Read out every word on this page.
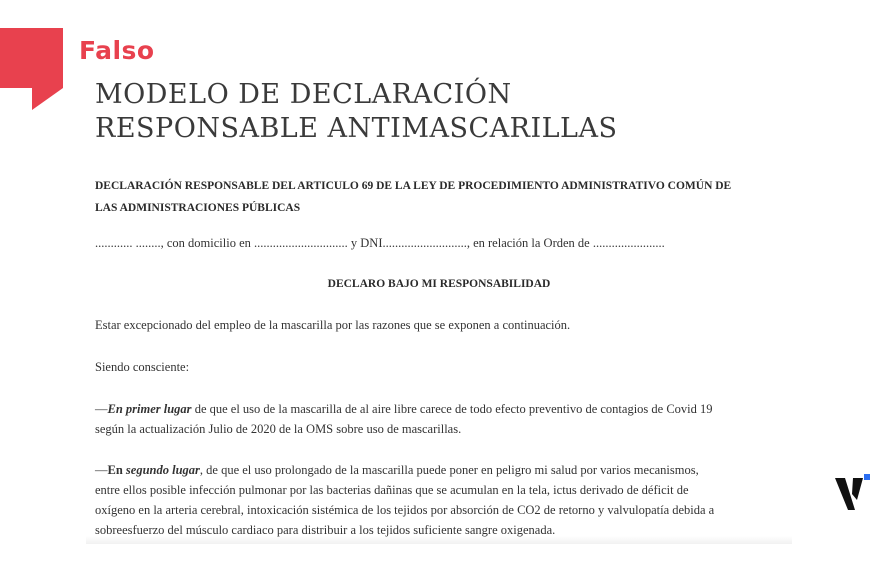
Falso
MODELO DE DECLARACIÓN
RESPONSABLE ANTIMASCARILLAS
DECLARACIÓN RESPONSABLE DEL ARTICULO 69 DE LA LEY DE PROCEDIMIENTO ADMINISTRATIVO COMÚN DE LAS ADMINISTRACIONES PÚBLICAS
............ ........, con domicilio en .............................. y DNI..........................., en relación la Orden de .......................
DECLARO BAJO MI RESPONSABILIDAD
Estar excepcionado del empleo de la mascarilla por las razones que se exponen a continuación.
Siendo consciente:
—En primer lugar de que el uso de la mascarilla de al aire libre carece de todo efecto preventivo de contagios de Covid 19
según la actualización Julio de 2020 de la OMS sobre uso de mascarillas.
—En segundo lugar, de que el uso prolongado de la mascarilla puede poner en peligro mi salud por varios mecanismos,
entre ellos posible infección pulmonar por las bacterias dañinas que se acumulan en la tela, ictus derivado de déficit de
oxígeno en la arteria cerebral, intoxicación sistémica de los tejidos por absorción de CO2 de retorno y valvulopatía debida a
sobreesfuerzo del músculo cardiaco para distribuir a los tejidos suficiente sangre oxigenada.
